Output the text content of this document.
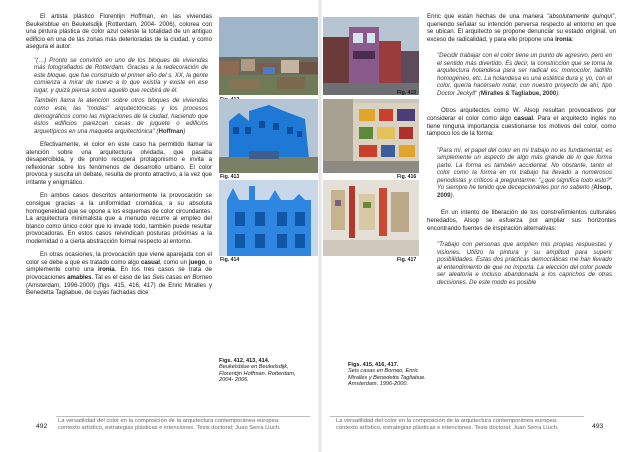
El artista plástico Florentijn Hoffman, en las viviendas Beukelsblue en Beukelsdijk (Rotterdam, 2004- 2006), colorea con una pintura plástica de color azul celeste la totalidad de un antiguo edificio en una de las zonas más deterioradas de la ciudad, y como asegura el autor:

"(…) Pronto se convirtió en uno de los bloques de viviendas más fotografiados de Rotterdam. Gracias a la redecoración de este bloque, que fue construido el primer año del s. XX, la gente comienza a mirar de nuevo a lo que existía y existe en ese lugar, y quizá piensa sobre aquello que recibirá de él.

También llama la atención sobre otros bloques de viviendas como este, las "modas" arquitectónicas y los procesos demográficos como las migraciones de la ciudad, haciendo que éstos edificios parezcan casas de juguete o edificios arquetípicos en una maqueta arquitectónica" (Hoffman)

Efectivamente, el color en este caso ha permitido llamar la atención sobre una arquitectura olvidada, que pasaba desapercibida, y de pronto recupera protagonismo e invita a reflexionar sobre los fenómenos de desarrollo urbano. El color provoca y suscita un debate, resulta de pronto atractivo, a la vez que irritante y enigmático.

En ambos casos descritos anteriormente la provocación se consigue gracias a la uniformidad cromática, a su absoluta homogeneidad que se opone a los esquemas de color circundantes. La arquitectura minimalista que a menudo recurre al empleo del blanco como único color que lo invade todo, también puede resultar provocadoras. En estos casos reivindican posturas próximas a la modernidad o a cierta abstracción formal respecto al entorno.

En otras ocasiones, la provocación que viene aparejada con el color se debe a que es tratado como algo casual, como un juego, o simplemente como una ironía. En los tres casos se trata de provocaciones amables. Tal es el caso de las Seis casas en Borneo (Amsterdam, 1996-2000) (figs. 415, 416, 417) de Enric Miralles y Benedetta Tagliabue, de cuyas fachadas dice

Fig. 413
Fig. 414
Fig. 415
Fig. 416
Fig. 417
Figs. 412, 413, 414.
Beukelsblue en Beukelsdijk, Florentijn Hoffman. Rotterdam, 2004- 2006.
Figs. 415, 416, 417.
Seis casas en Borneo, Enric Miralles y Benedetta Tagliabue. Amsterdam, 1996-2000.

Enric que están hechas de una manera "absolutamente quinqui", queriendo señalar su intención perversa respecto al entorno en que se ubican. El arquitecto se propone denunciar su estado original, un exceso de radicalidad, y para ello propone una ironía:

"Decidir trabajar con el color tiene un punto de agresivo, pero en el sentido más divertido. Es decir, la constricción que se toma la arquitectura holandesa para ser radical es: monocolor, ladrillo homogéneo, etc. La holandesa es una estética dura y, yo, con el color, quería hacérselo notar, con nuestro proyecto de ahí, tipo Doctor Jeckyll" (Miralles & Tagliabue, 2000).

Otros arquitectos como W. Alsop resultan provocativos por considerar el color como algo casual. Para el arquitecto inglés no tiene ninguna importancia cuestionarse los motivos del color, como tampoco los de la forma:

"Para mí, el papel del color en mi trabajo no es fundamental; es simplemente un aspecto de algo más grande de lo que forma parte. La forma es también accidental. No obstante, tanto el color como la forma en mi trabajo ha llevado a numerosos periodistas y críticos a preguntarme: "¿qué significa todo esto?" Yo siempre he tenido que decepcionarles por no saberlo (Alsop, 2009).

En un intento de liberación de los constreñimientos culturales heredados, Alsop se esfuerza por ampliar sus horizontes encontrando fuentes de inspiración alternativas:

"Trabajo con personas que amplíen mis propias respuestas y visiones. Utilizo la pintura y su amplitud para superir posibilidades. Estas dos prácticas democráticas me han llevado al entendimiento de que no importa. La elección del color puede ser aleatoria e incluso abandonada a los caprichos de otras decisiones. De este modo es posible

492
La versatilidad del color en la composición de la arquitectura contemporánea europea:
contexto artístico, estrategias plásticas e intenciones. Tesis doctoral; Juan Serra Lluch.
La versatilidad del color en la composición de la arquitectura contemporánea europea:
contexto artístico, estrategias plásticas e intenciones. Tesis doctoral; Juan Serra Lluch.	493
